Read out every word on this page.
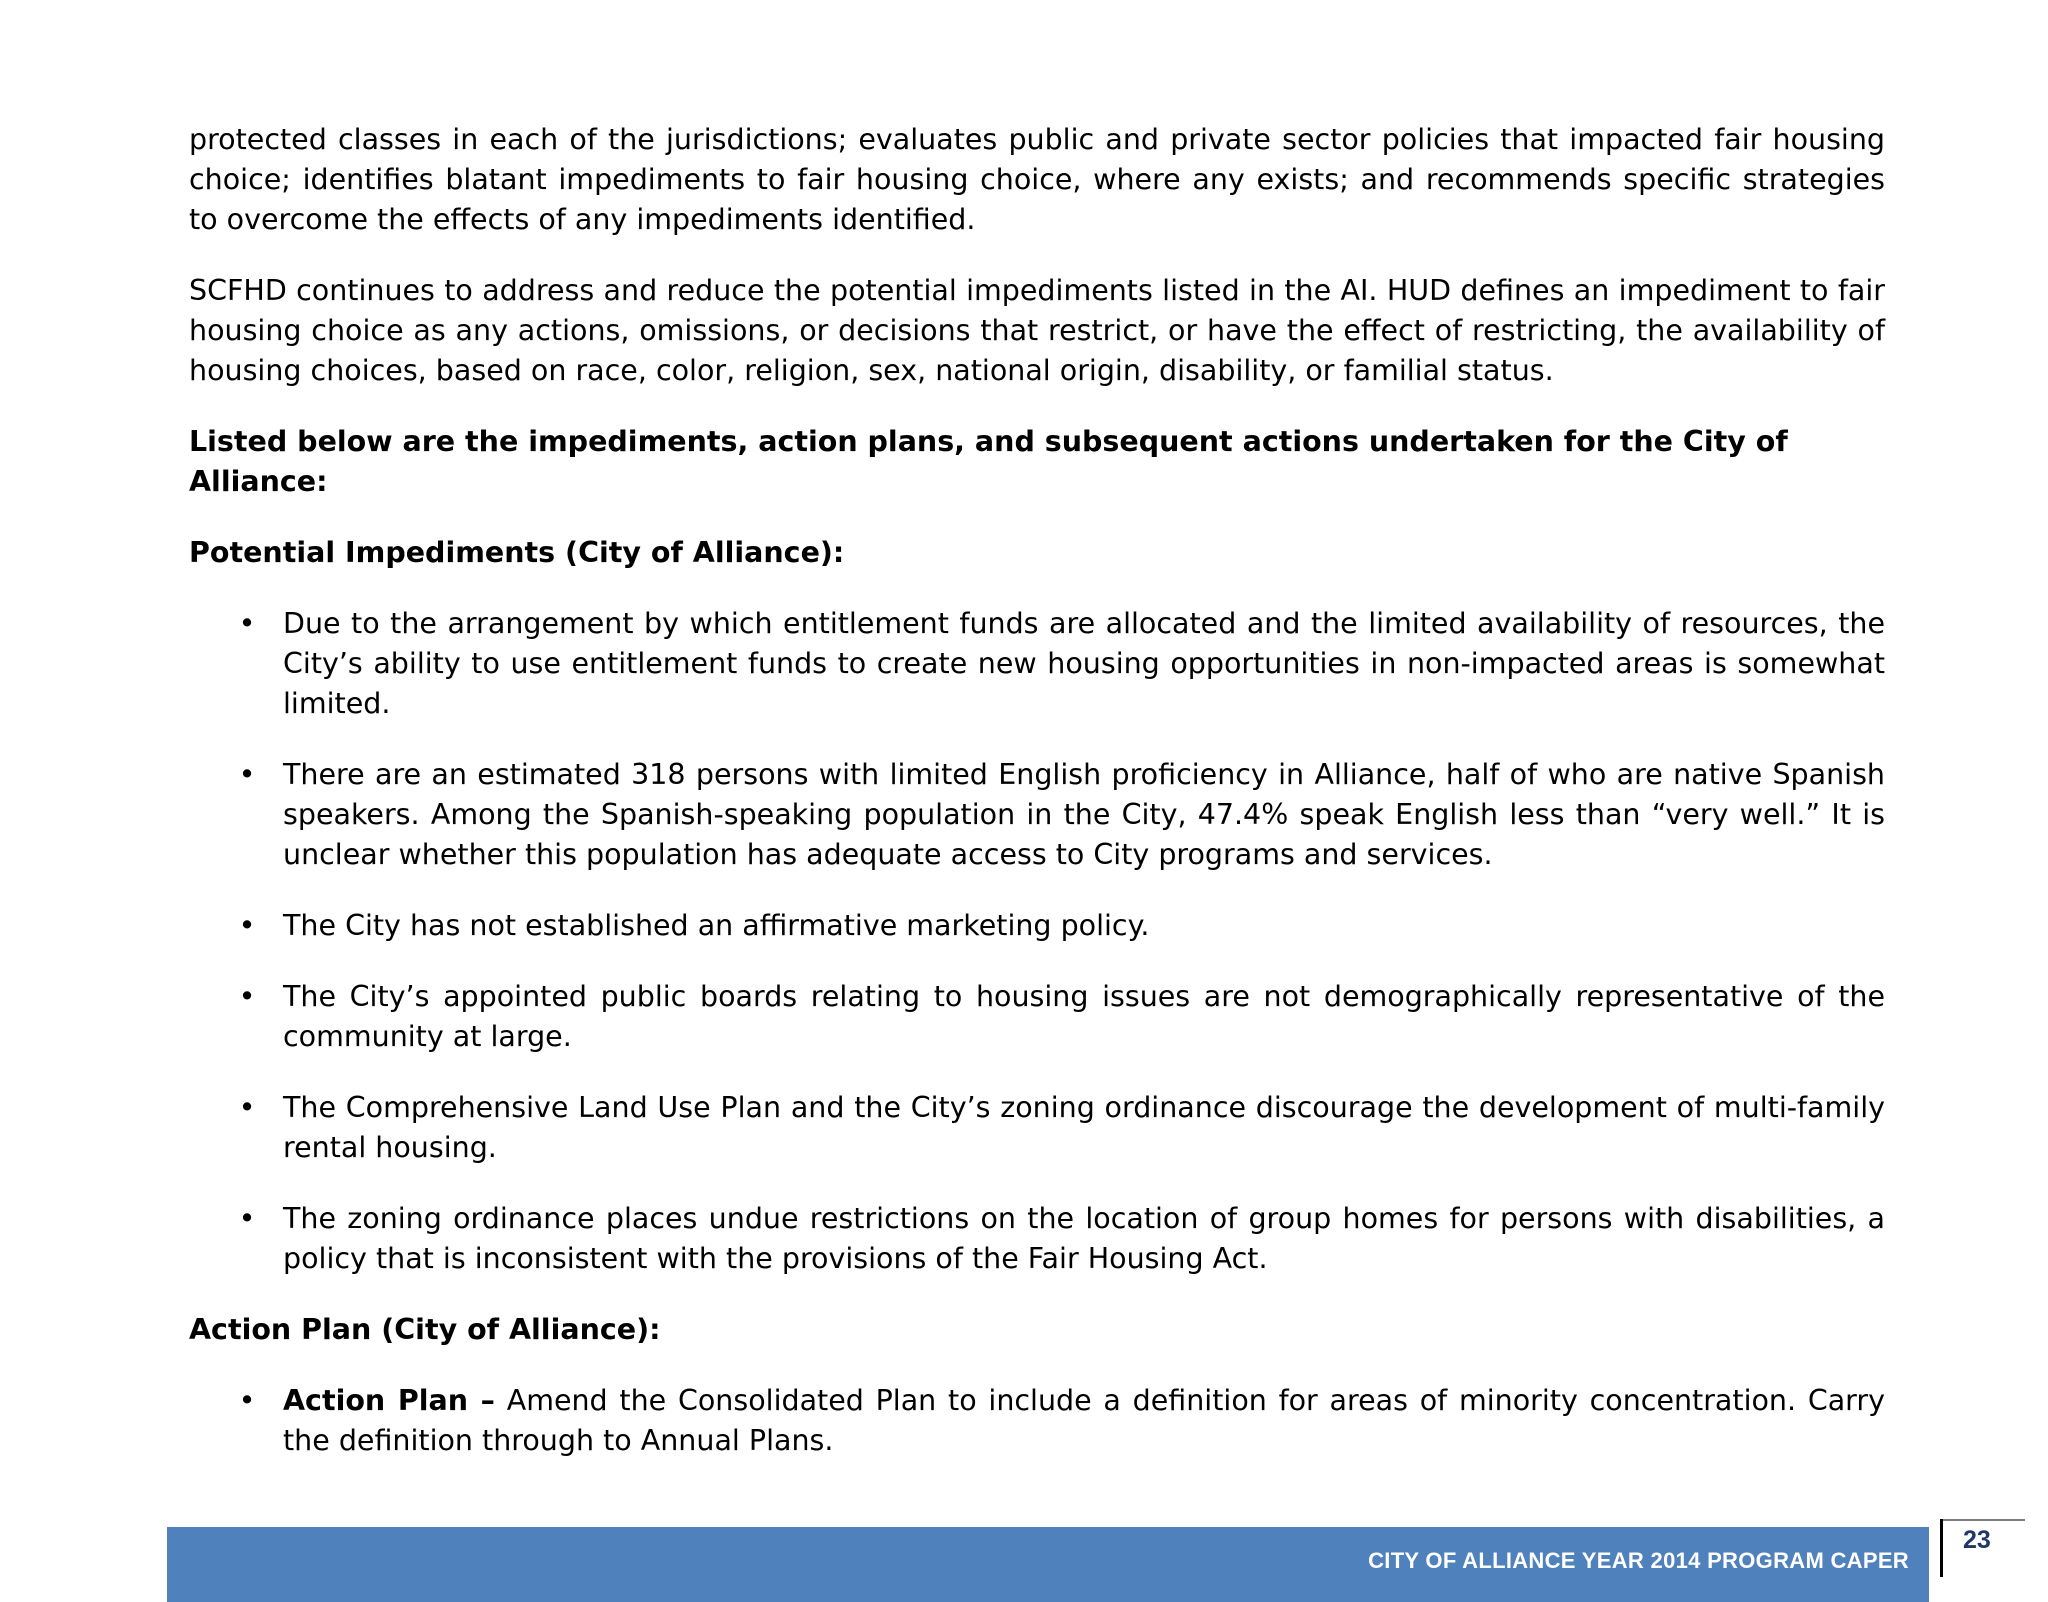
protected classes in each of the jurisdictions; evaluates public and private sector policies that impacted fair housing choice; identifies blatant impediments to fair housing choice, where any exists; and recommends specific strategies to overcome the effects of any impediments identified.

SCFHD continues to address and reduce the potential impediments listed in the AI. HUD defines an impediment to fair housing choice as any actions, omissions, or decisions that restrict, or have the effect of restricting, the availability of housing choices, based on race, color, religion, sex, national origin, disability, or familial status.

Listed below are the impediments, action plans, and subsequent actions undertaken for the City of Alliance:

Potential Impediments (City of Alliance):

• Due to the arrangement by which entitlement funds are allocated and the limited availability of resources, the City’s ability to use entitlement funds to create new housing opportunities in non-impacted areas is somewhat limited.
• There are an estimated 318 persons with limited English proficiency in Alliance, half of who are native Spanish speakers. Among the Spanish-speaking population in the City, 47.4% speak English less than “very well.” It is unclear whether this population has adequate access to City programs and services.
• The City has not established an affirmative marketing policy.
• The City’s appointed public boards relating to housing issues are not demographically representative of the community at large.
• The Comprehensive Land Use Plan and the City’s zoning ordinance discourage the development of multi-family rental housing.
• The zoning ordinance places undue restrictions on the location of group homes for persons with disabilities, a policy that is inconsistent with the provisions of the Fair Housing Act.

Action Plan (City of Alliance):

• Action Plan – Amend the Consolidated Plan to include a definition for areas of minority concentration. Carry the definition through to Annual Plans.
CITY OF ALLIANCE YEAR 2014 PROGRAM CAPER
23
